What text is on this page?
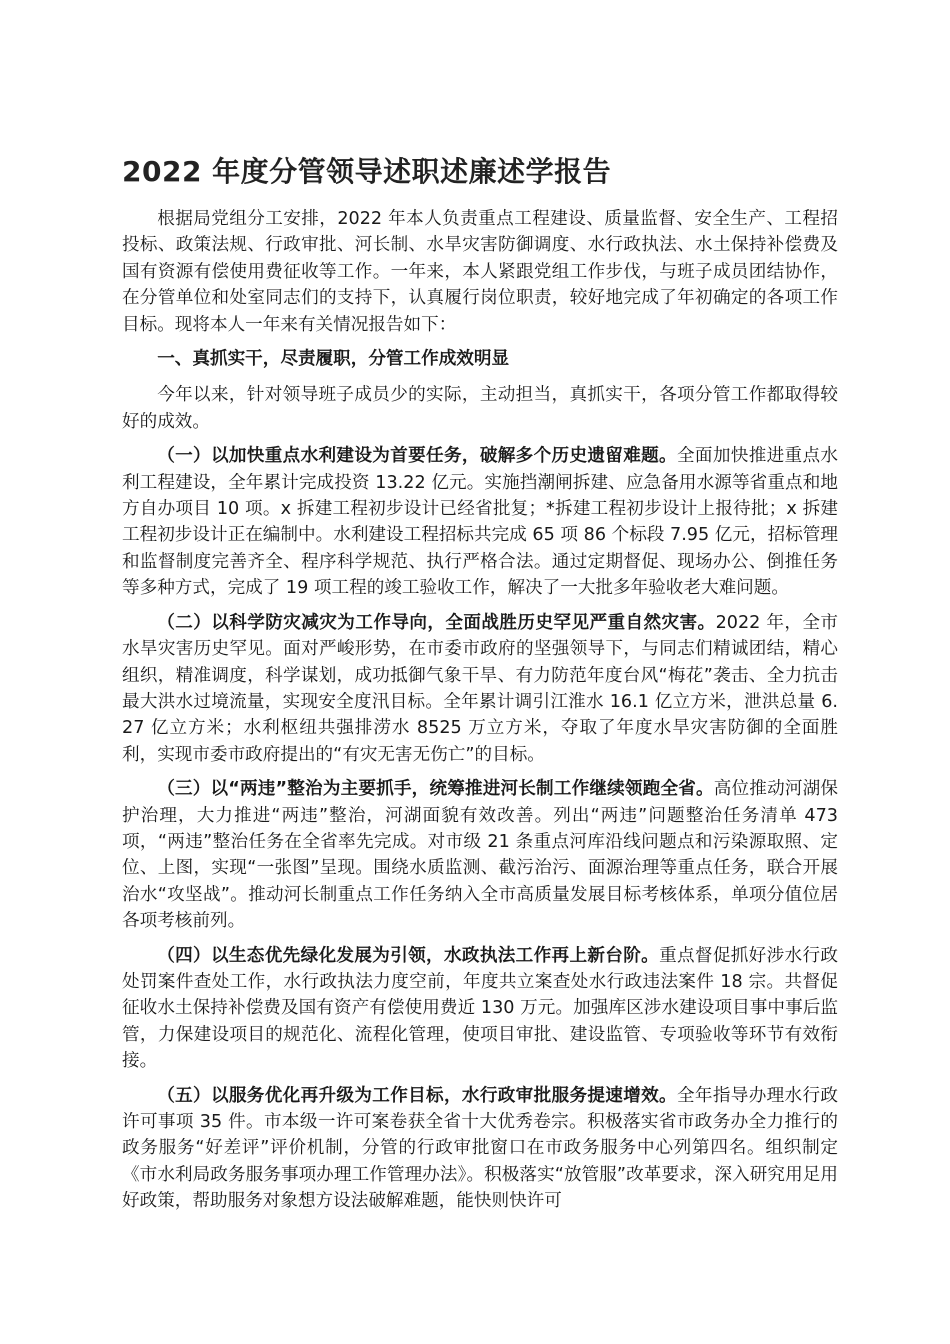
2022 年度分管领导述职述廉述学报告

根据局党组分工安排，2022 年本人负责重点工程建设、质量监督、安全生产、工程招投标、政策法规、行政审批、河长制、水旱灾害防御调度、水行政执法、水土保持补偿费及国有资源有偿使用费征收等工作。一年来，本人紧跟党组工作步伐，与班子成员团结协作，在分管单位和处室同志们的支持下，认真履行岗位职责，较好地完成了年初确定的各项工作目标。现将本人一年来有关情况报告如下：

一、真抓实干，尽责履职，分管工作成效明显

今年以来，针对领导班子成员少的实际，主动担当，真抓实干，各项分管工作都取得较好的成效。

（一）以加快重点水利建设为首要任务，破解多个历史遗留难题。全面加快推进重点水利工程建设，全年累计完成投资 13.22 亿元。实施挡潮闸拆建、应急备用水源等省重点和地方自办项目 10 项。x 拆建工程初步设计已经省批复；*拆建工程初步设计上报待批；x 拆建工程初步设计正在编制中。水利建设工程招标共完成 65 项 86 个标段 7.95 亿元，招标管理和监督制度完善齐全、程序科学规范、执行严格合法。通过定期督促、现场办公、倒推任务等多种方式，完成了 19 项工程的竣工验收工作，解决了一大批多年验收老大难问题。

（二）以科学防灾减灾为工作导向，全面战胜历史罕见严重自然灾害。2022 年，全市水旱灾害历史罕见。面对严峻形势，在市委市政府的坚强领导下，与同志们精诚团结，精心组织，精准调度，科学谋划，成功抵御气象干旱、有力防范年度台风“梅花”袭击、全力抗击最大洪水过境流量，实现安全度汛目标。全年累计调引江淮水 16.1 亿立方米，泄洪总量 6.27 亿立方米；水利枢纽共强排涝水 8525 万立方米，夺取了年度水旱灾害防御的全面胜利，实现市委市政府提出的“有灾无害无伤亡”的目标。

（三）以“两违”整治为主要抓手，统筹推进河长制工作继续领跑全省。高位推动河湖保护治理，大力推进“两违”整治，河湖面貌有效改善。列出“两违”问题整治任务清单 473 项，“两违”整治任务在全省率先完成。对市级 21 条重点河库沿线问题点和污染源取照、定位、上图，实现“一张图”呈现。围绕水质监测、截污治污、面源治理等重点任务，联合开展治水“攻坚战”。推动河长制重点工作任务纳入全市高质量发展目标考核体系，单项分值位居各项考核前列。

（四）以生态优先绿化发展为引领，水政执法工作再上新台阶。重点督促抓好涉水行政处罚案件查处工作，水行政执法力度空前，年度共立案查处水行政违法案件 18 宗。共督促征收水土保持补偿费及国有资产有偿使用费近 130 万元。加强库区涉水建设项目事中事后监管，力保建设项目的规范化、流程化管理，使项目审批、建设监管、专项验收等环节有效衔接。

（五）以服务优化再升级为工作目标，水行政审批服务提速增效。全年指导办理水行政许可事项 35 件。市本级一许可案卷获全省十大优秀卷宗。积极落实省市政务办全力推行的政务服务“好差评”评价机制，分管的行政审批窗口在市政务服务中心列第四名。组织制定《市水利局政务服务事项办理工作管理办法》。积极落实“放管服”改革要求，深入研究用足用好政策，帮助服务对象想方设法破解难题，能快则快许可
